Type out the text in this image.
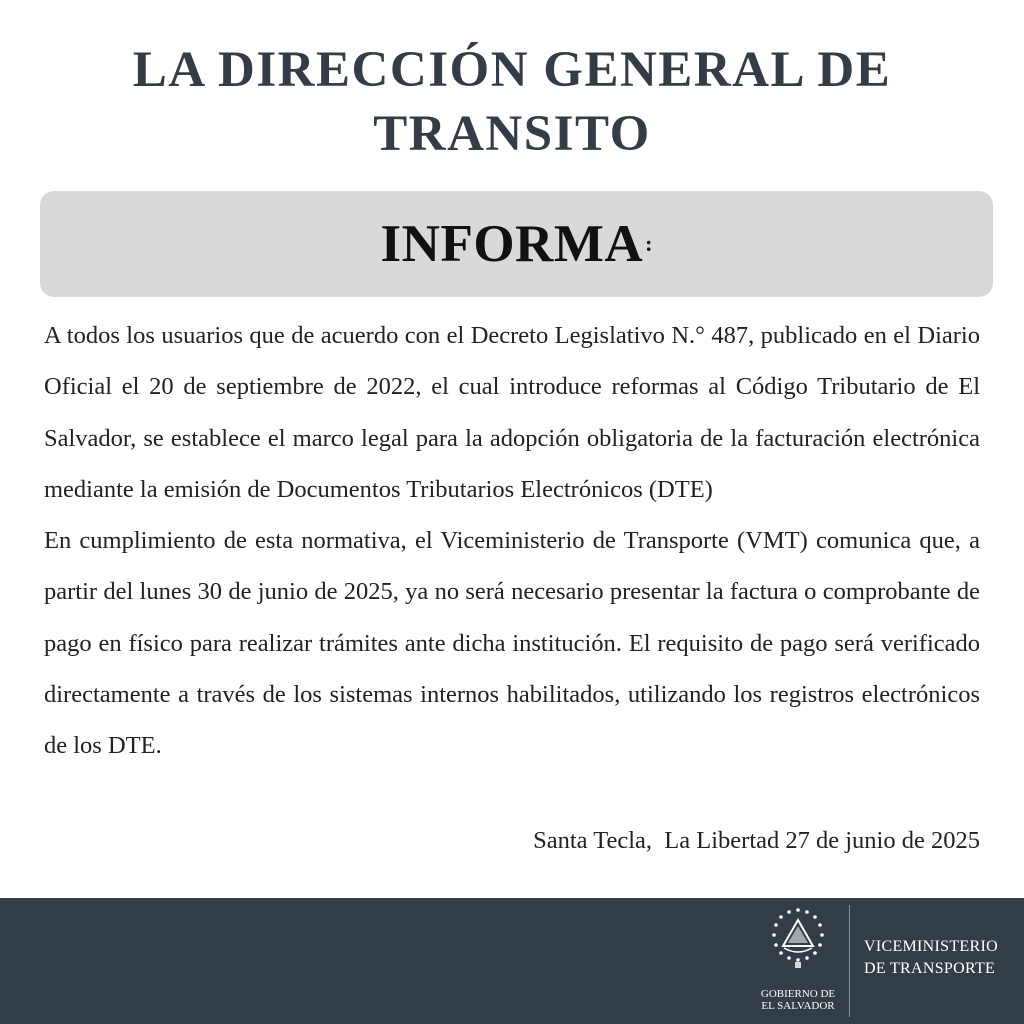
LA DIRECCIÓN GENERAL DE
TRANSITO
INFORMA :

A todos los usuarios que de acuerdo con el Decreto Legislativo N.° 487, publicado en el Diario Oficial el 20 de septiembre de 2022, el cual introduce reformas al Código Tributario de El Salvador, se establece el marco legal para la adopción obligatoria de la facturación electrónica mediante la emisión de Documentos Tributarios Electrónicos (DTE)

En cumplimiento de esta normativa, el Viceministerio de Transporte (VMT) comunica que, a partir del lunes 30 de junio de 2025, ya no será necesario presentar la factura o comprobante de pago en físico para realizar trámites ante dicha institución. El requisito de pago será verificado directamente a través de los sistemas internos habilitados, utilizando los registros electrónicos de los DTE.

Santa Tecla,  La Libertad 27 de junio de 2025
GOBIERNO DE
EL SALVADOR
VICEMINISTERIO
DE TRANSPORTE
